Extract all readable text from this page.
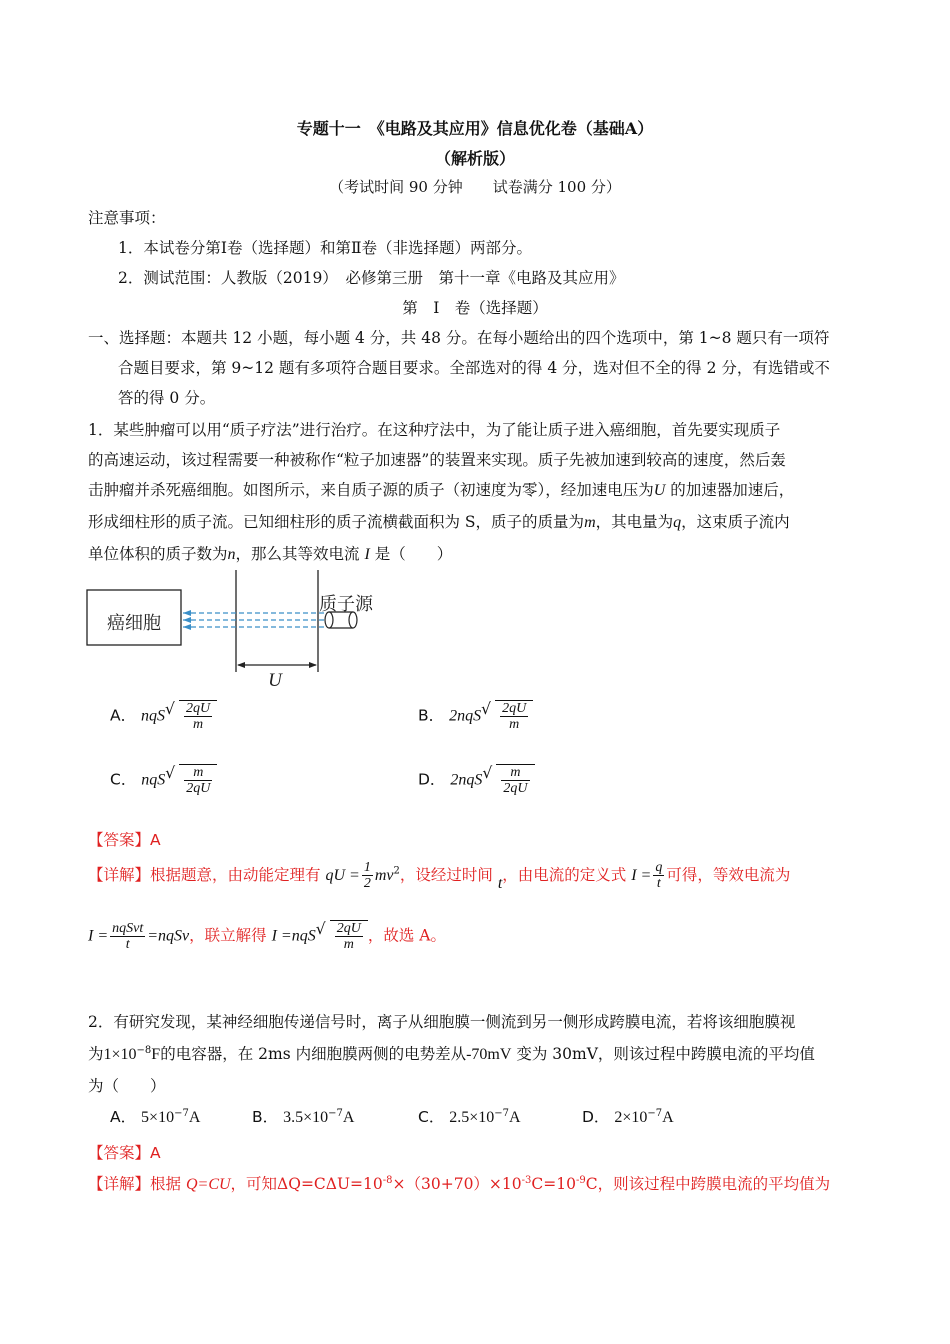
专题十一　《电路及其应用》信息优化卷（基础A）
（解析版）
（考试时间 90 分钟　　试卷满分 100 分）
注意事项：
1．本试卷分第Ⅰ卷（选择题）和第Ⅱ卷（非选择题）两部分。
2．测试范围：人教版（2019）　必修第三册　第十一章《电路及其应用》
第　Ⅰ　卷（选择题）
一、选择题：本题共 12 小题，每小题 4 分，共 48 分。在每小题给出的四个选项中，第 1~8 题只有一项符
合题目要求，第 9~12 题有多项符合题目要求。全部选对的得 4 分，选对但不全的得 2 分，有选错或不
答的得 0 分。
1．某些肿瘤可以用“质子疗法”进行治疗。在这种疗法中，为了能让质子进入癌细胞，首先要实现质子
的高速运动，该过程需要一种被称作“粒子加速器”的装置来实现。质子先被加速到较高的速度，然后轰
击肿瘤并杀死癌细胞。如图所示，来自质子源的质子（初速度为零），经加速电压为U 的加速器加速后，
形成细柱形的质子流。已知细柱形的质子流横截面积为 S，质子的质量为m，其电量为q，这束质子流内
单位体积的质子数为n，那么其等效电流 I 是（　　）
癌细胞
质子源
U
A． nqS √ $\frac{2qU}{m}$	B． 2nqS √ $\frac{2qU}{m}$
C． nqS √ $\frac{m}{2qU}$	D． 2nqS √ $\frac{m}{2qU}$
【答案】A
【详解】根据题意，由动能定理有 qU = $\frac{1}{2} mv^2$，设经过时间 t，由电流的定义式 $I = \frac{q}{t}$ 可得，等效电流为
$I = \frac{\text{nqSvt}}{t}$ =nqSv，联立解得 I =nqS √ $\frac{2qU}{m}$ ，故选 A。
2．有研究发现，某神经细胞传递信号时，离子从细胞膜一侧流到另一侧形成跨膜电流，若将该细胞膜视
为$1\times 10^{-8}F$的电容器，在 2ms 内细胞膜两侧的电势差从-70mV 变为 30mV，则该过程中跨膜电流的平均值
为（　　）
A． $5\times 10^{-7}A$	B． $3.5\times 10^{-7}A$	C． $2.5\times 10^{-7}A$	D． $2\times 10^{-7}A$
【答案】A
【详解】根据 Q=CU，可知$\Delta Q=C\Delta U=10^{-8}\times(30+70)\times 10^{-3}C=10^{-9}C$，则该过程中跨膜电流的平均值为
